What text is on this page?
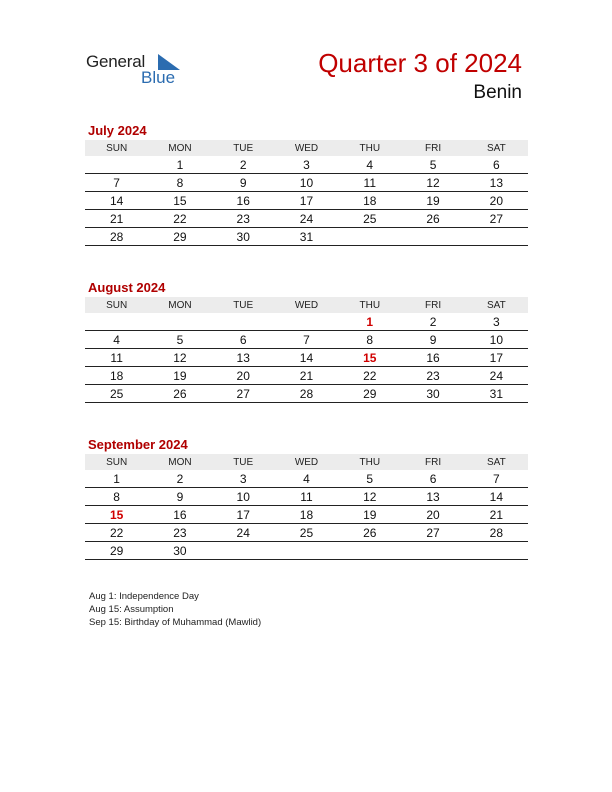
General
Blue	Quarter 3 of 2024
Benin
July 2024
SUN	MON	TUE	WED	THU	FRI	SAT
	1	2	3	4	5	6
7	8	9	10	11	12	13
14	15	16	17	18	19	20
21	22	23	24	25	26	27
28	29	30	31			
August 2024
SUN	MON	TUE	WED	THU	FRI	SAT
				1	2	3
4	5	6	7	8	9	10
11	12	13	14	15	16	17
18	19	20	21	22	23	24
25	26	27	28	29	30	31
September 2024
SUN	MON	TUE	WED	THU	FRI	SAT
1	2	3	4	5	6	7
8	9	10	11	12	13	14
15	16	17	18	19	20	21
22	23	24	25	26	27	28
29	30					
Aug 1: Independence Day
Aug 15: Assumption
Sep 15: Birthday of Muhammad (Mawlid)
